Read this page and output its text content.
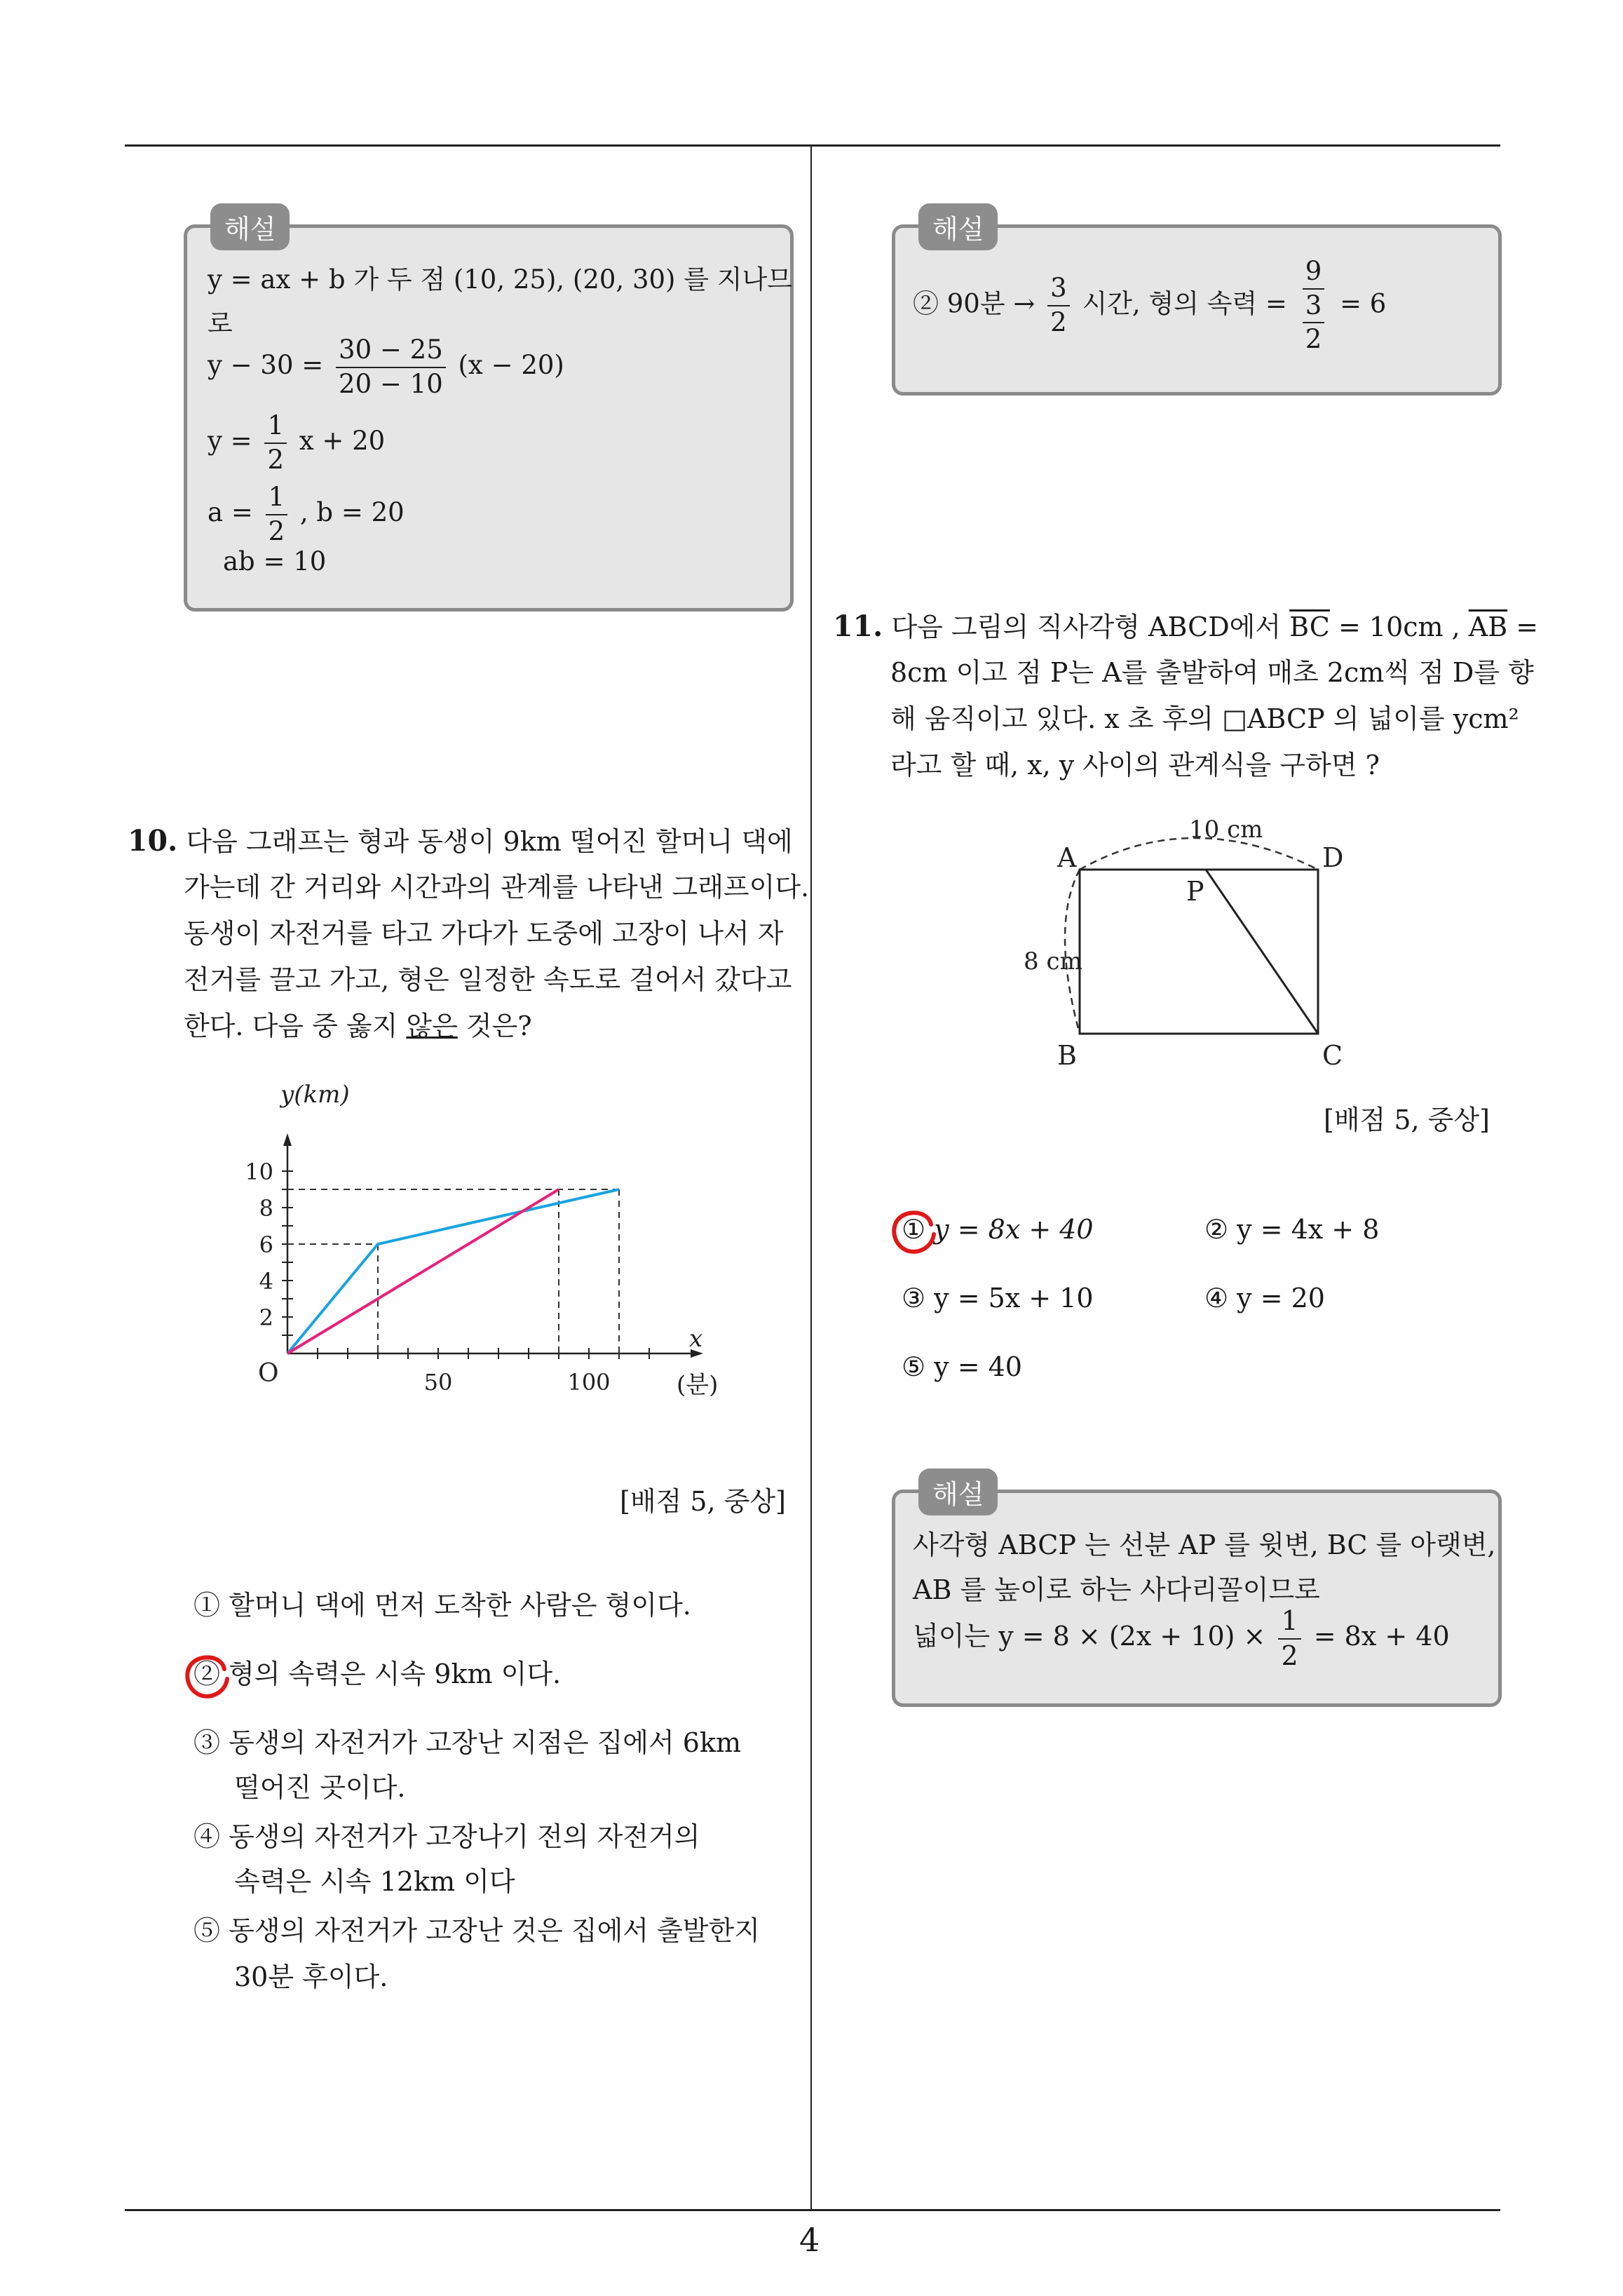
4
해설
y = ax + b 가 두 점 (10, 25), (20, 30) 를 지나므
로
$y - 30 = \frac{30 - 25}{20 - 10} (x - 20)$
$y = \frac{1}{2}$ x + 20
$a = \frac{1}{2}$ , b = 20
ab = 10
10. 다음 그래프는 형과 동생이 9km 떨어진 할머니 댁에
가는데 간 거리와 시간과의 관계를 나타낸 그래프이다.
동생이 자전거를 타고 가다가 도중에 고장이 나서 자
전거를 끌고 가고, 형은 일정한 속도로 걸어서 갔다고
한다. 다음 중 옳지 않은 것은?
2
4
6
8
10
50	100
O
x
(분)
y(km)
[배점 5, 중상]
① 할머니 댁에 먼저 도착한 사람은 형이다.
② 형의 속력은 시속 9km 이다.
③ 동생의 자전거가 고장난 지점은 집에서 6km
떨어진 곳이다.
④ 동생의 자전거가 고장나기 전의 자전거의
속력은 시속 12km 이다
⑤ 동생의 자전거가 고장난 것은 집에서 출발한지
30분 후이다.
해설
② 90분 → $\frac{3}{2}$ 시간, 형의 속력 = $\frac{9}{\frac{3}{2}} = 6$
11. 다음 그림의 직사각형 ABCD에서 $\overline{BC} = 10cm$ , $\overline{AB}$ =
8cm 이고 점 P는 A를 출발하여 매초 2cm씩 점 D를 향
해 움직이고 있다. x 초 후의 □ABCP 의 넓이를 ycm²
라고 할 때, x, y 사이의 관계식을 구하면 ?
10 cm
8 cm
A	D
P
B	C
[배점 5, 중상]
① y = 8x + 40	② y = 4x + 8
③ y = 5x + 10	④ y = 20
⑤ y = 40
해설
사각형 ABCP 는 선분 AP 를 윗변, BC 를 아랫변,
AB 를 높이로 하는 사다리꼴이므로
넓이는 $y = 8 \times (2x + 10) \times \frac{1}{2} = 8x + 40$
